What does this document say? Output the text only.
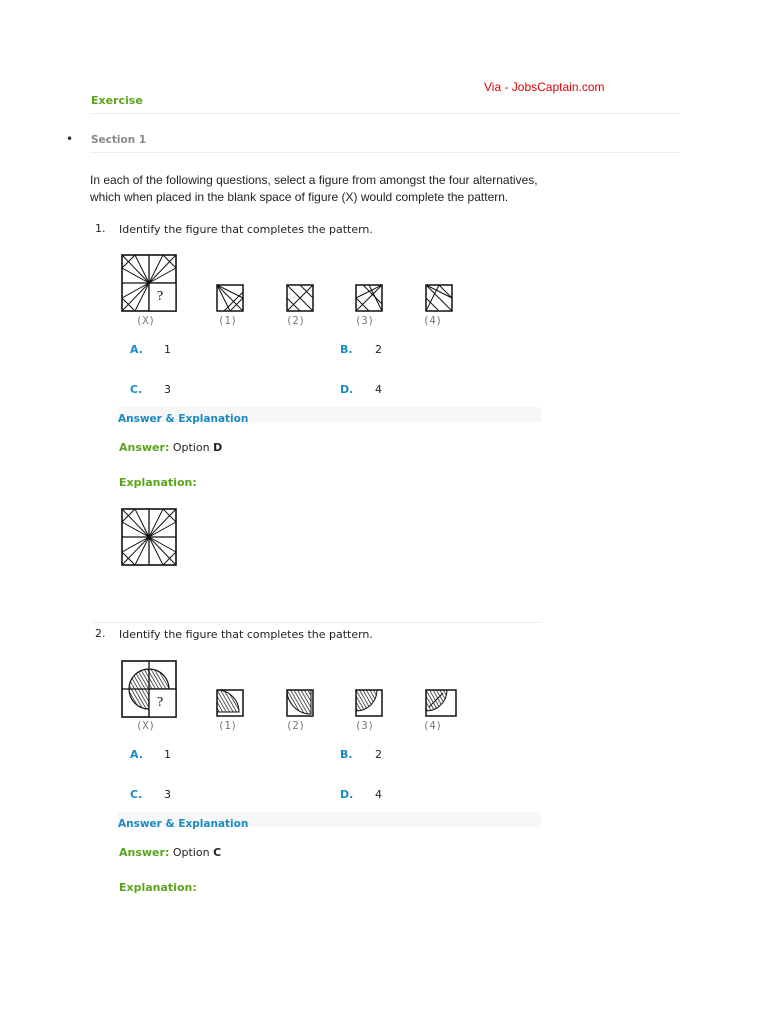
Via - JobsCaptain.com
Exercise
• Section 1
In each of the following questions, select a figure from amongst the four alternatives, which when placed in the blank space of figure (X) would complete the pattern.
1. Identify the figure that completes the pattern.
?
(X)	(1)	(2)	(3)	(4)
A. 1	B. 2
C. 3	D. 4
Answer & Explanation
Answer: Option D
Explanation:
2. Identify the figure that completes the pattern.
?
(X)	(1)	(2)	(3)	(4)
A. 1	B. 2
C. 3	D. 4
Answer & Explanation
Answer: Option C
Explanation:
